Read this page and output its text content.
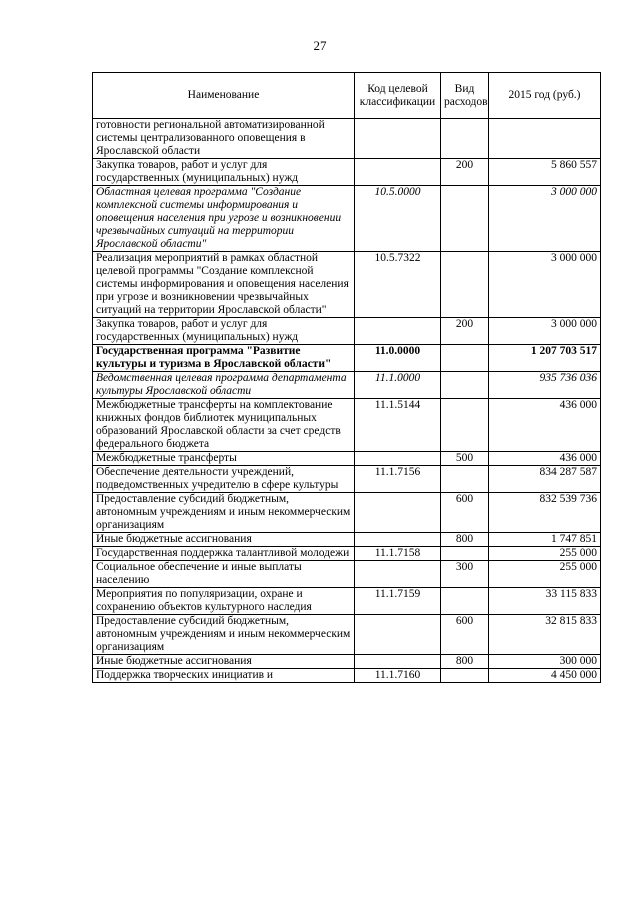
27
Наименование	Код целевой классификации	Вид расходов	2015 год (руб.)
готовности региональной автоматизированной системы централизованного оповещения в Ярославской области			
Закупка товаров, работ и услуг для государственных (муниципальных) нужд		200	5 860 557
Областная целевая программа "Создание комплексной системы информирования и оповещения населения при угрозе и возникновении чрезвычайных ситуаций на территории Ярославской области"	10.5.0000		3 000 000
Реализация мероприятий в рамках областной целевой программы "Создание комплексной системы информирования и оповещения населения при угрозе и возникновении чрезвычайных ситуаций на территории Ярославской области"	10.5.7322		3 000 000
Закупка товаров, работ и услуг для государственных (муниципальных) нужд		200	3 000 000
Государственная программа "Развитие культуры и туризма в Ярославской области"	11.0.0000		1 207 703 517
Ведомственная целевая программа департамента культуры Ярославской области	11.1.0000		935 736 036
Межбюджетные трансферты на комплектование книжных фондов библиотек муниципальных образований Ярославской области за счет средств федерального бюджета	11.1.5144		436 000
Межбюджетные трансферты		500	436 000
Обеспечение деятельности учреждений, подведомственных учредителю в сфере культуры	11.1.7156		834 287 587
Предоставление субсидий бюджетным, автономным учреждениям и иным некоммерческим организациям		600	832 539 736
Иные бюджетные ассигнования		800	1 747 851
Государственная поддержка талантливой молодежи	11.1.7158		255 000
Социальное обеспечение и иные выплаты населению		300	255 000
Мероприятия по популяризации, охране и сохранению объектов культурного наследия	11.1.7159		33 115 833
Предоставление субсидий бюджетным, автономным учреждениям и иным некоммерческим организациям		600	32 815 833
Иные бюджетные ассигнования		800	300 000
Поддержка творческих инициатив и	11.1.7160		4 450 000
